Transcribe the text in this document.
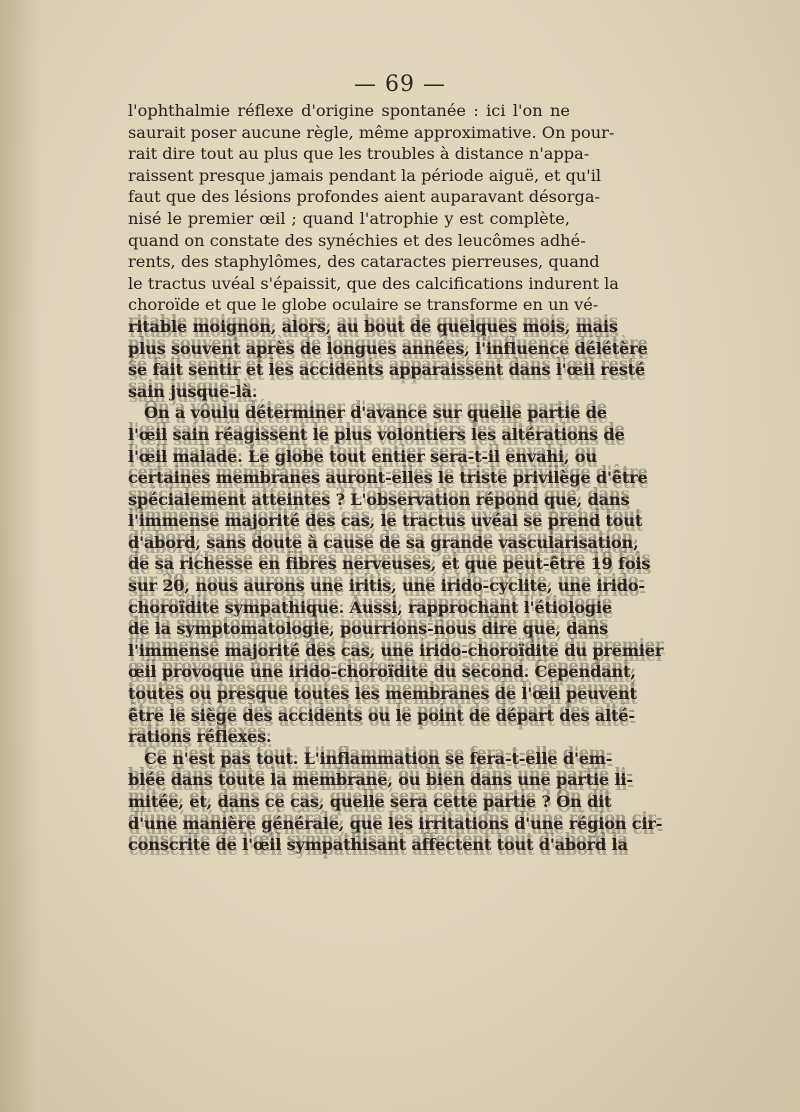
— 69 —
l'ophthalmie réflexe d'origine spontanée : ici l'on ne
saurait poser aucune règle, même approximative. On pour-
rait dire tout au plus que les troubles à distance n'appa-
raissent presque jamais pendant la période aiguë, et qu'il
faut que des lésions profondes aient auparavant désorga-
nisé le premier œil ; quand l'atrophie y est complète,
quand on constate des synéchies et des leucômes adhé-
rents, des staphylômes, des cataractes pierreuses, quand
le tractus uvéal s'épaissit, que des calcifications indurent la
choroïde et que le globe oculaire se transforme en un vé-
ritable moignon, alors, au bout de quelques mois, mais
plus souvent après de longues années, l'influence délétère
se fait sentir et les accidents apparaissent dans l'œil resté
sain jusque-là.
On a voulu déterminer d'avance sur quelle partie de
l'œil sain réagissent le plus volontiers les altérations de
l'œil malade. Le globe tout entier sera-t-il envahi, ou
certaines membranes auront-elles le triste privilège d'être
spécialement atteintes ? L'observation répond que, dans
l'immense majorité des cas, le tractus uvéal se prend tout
d'abord, sans doute à cause de sa grande vascularisation,
de sa richesse en fibres nerveuses, et que peut-être 19 fois
sur 20, nous aurons une iritis, une irido-cyclite, une irido-
choroïdite sympathique. Aussi, rapprochant l'étiologie
de la symptomatologie, pourrions-nous dire que, dans
l'immense majorité des cas, une irido-choroïdite du premier
œil provoque une irido-choroïdite du second. Cependant,
toutes ou presque toutes les membranes de l'œil peuvent
être le siège des accidents ou le point de départ des alté-
rations réflexes.
Ce n'est pas tout. L'inflammation se fera-t-elle d'em-
blée dans toute la membrane, ou bien dans une partie li-
mitée, et, dans ce cas, quelle sera cette partie ? On dit
d'une manière générale, que les irritations d'une région cir-
conscrite de l'œil sympathisant affectent tout d'abord la
